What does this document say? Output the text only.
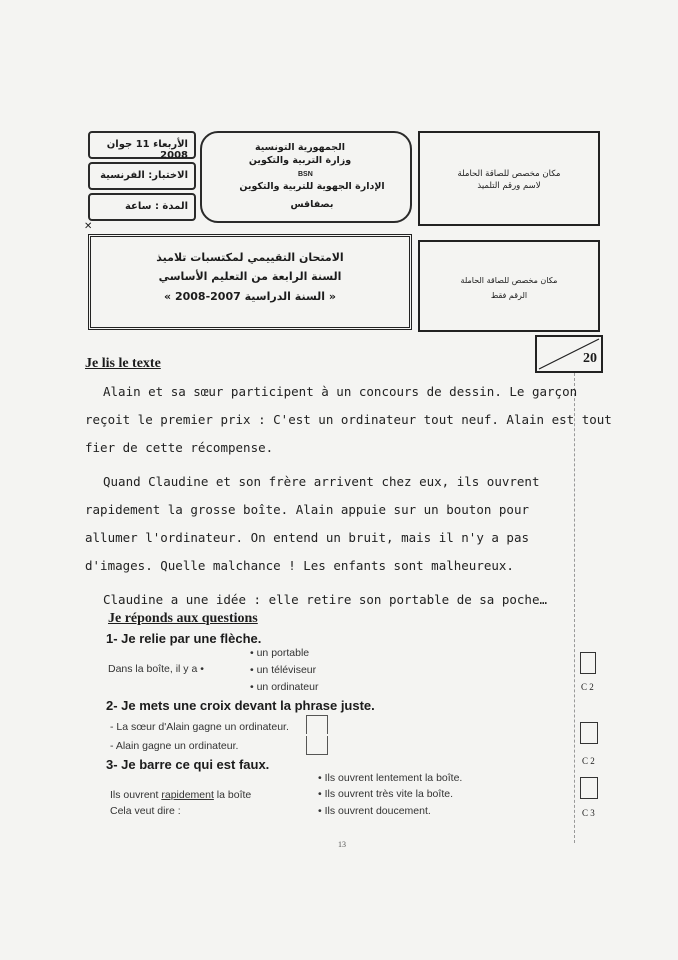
الأربعاء 11 جوان 2008
الاختبار: الفرنسية
المدة : ساعة
✕
الجمهورية التونسية
وزارة التربية والتكوين
BSN
الإدارة الجهوية للتربية والتكوين
بصفاقس
مكان مخصص للصاقة الحاملة
لاسم ورقم التلميذ
الامتحان التقييمي لمكتسبات تلاميذ
السنة الرابعة من التعليم الأساسي
« السنة الدراسية 2007-2008 »
مكان مخصص للصاقة الحاملة
الرقم فقط
20
Je lis le texte
Alain et sa sœur participent à un concours de dessin. Le garçon
reçoit le premier prix : C'est un ordinateur tout neuf. Alain est tout
fier de cette récompense.
Quand Claudine et son frère arrivent chez eux, ils ouvrent
rapidement la grosse boîte. Alain appuie sur un bouton pour
allumer l'ordinateur. On entend un bruit, mais il n'y a pas
d'images. Quelle malchance ! Les enfants sont malheureux.
Claudine a une idée : elle retire son portable de sa poche…
Je réponds aux questions
1- Je relie par une flèche.
Dans la boîte, il y a •
• un portable
• un téléviseur
• un ordinateur	C 2
2- Je mets une croix devant la phrase juste.
- La sœur d'Alain gagne un ordinateur.
- Alain gagne un ordinateur.
C 2
3- Je barre ce qui est faux.
Ils ouvrent rapidement la boîte
Cela veut dire :
• Ils ouvrent lentement la boîte.
• Ils ouvrent très vite la boîte.
• Ils ouvrent doucement.	C 3
13
